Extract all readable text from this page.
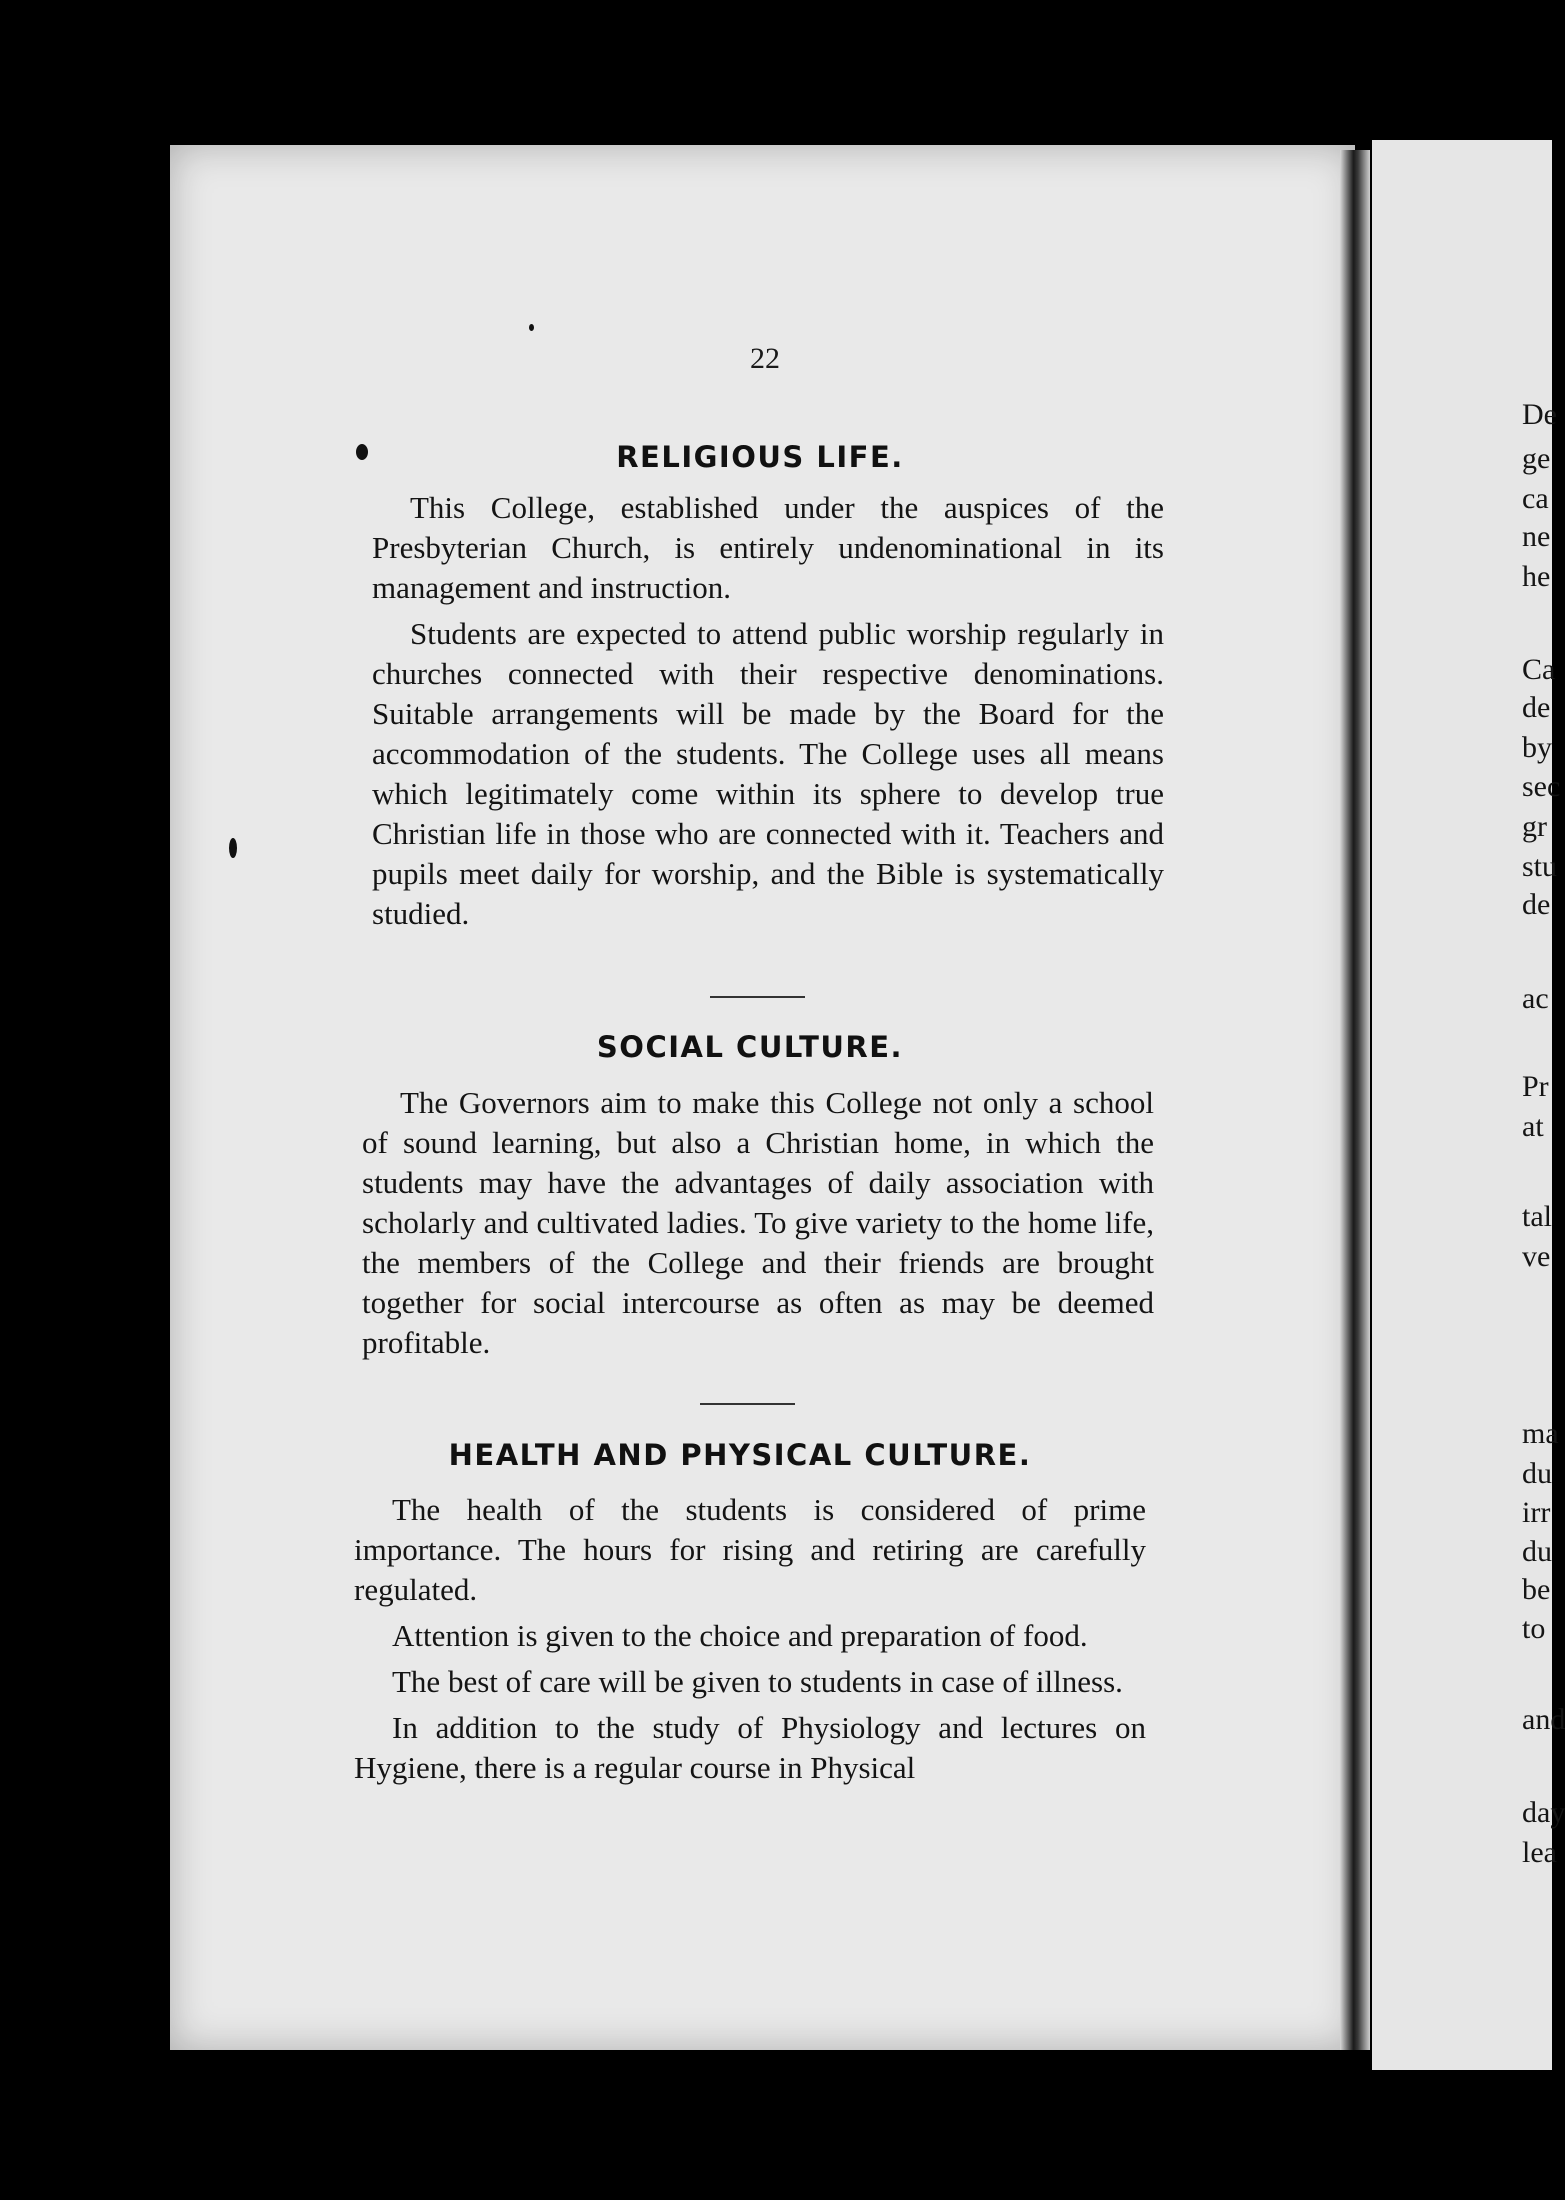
De
ge
ca
ne
he
Ca
de
by
sec
gr
stu
de
ac
Pr
at
tal
ve
ma
du
irr
du
be
to
and
day
lea
22
RELIGIOUS LIFE.

This College, established under the auspices of the Presbyterian Church, is entirely undenominational in its management and instruction.

Students are expected to attend public worship regularly in churches connected with their respective denominations. Suitable arrangements will be made by the Board for the accommodation of the students. The College uses all means which legitimately come within its sphere to develop true Christian life in those who are connected with it. Teachers and pupils meet daily for worship, and the Bible is systematically studied.

SOCIAL CULTURE.

The Governors aim to make this College not only a school of sound learning, but also a Christian home, in which the students may have the advantages of daily association with scholarly and cultivated ladies. To give variety to the home life, the members of the College and their friends are brought together for social intercourse as often as may be deemed profitable.

HEALTH AND PHYSICAL CULTURE.

The health of the students is considered of prime importance. The hours for rising and retiring are carefully regulated.

Attention is given to the choice and preparation of food.

The best of care will be given to students in case of illness.

In addition to the study of Physiology and lectures on Hygiene, there is a regular course in Physical
